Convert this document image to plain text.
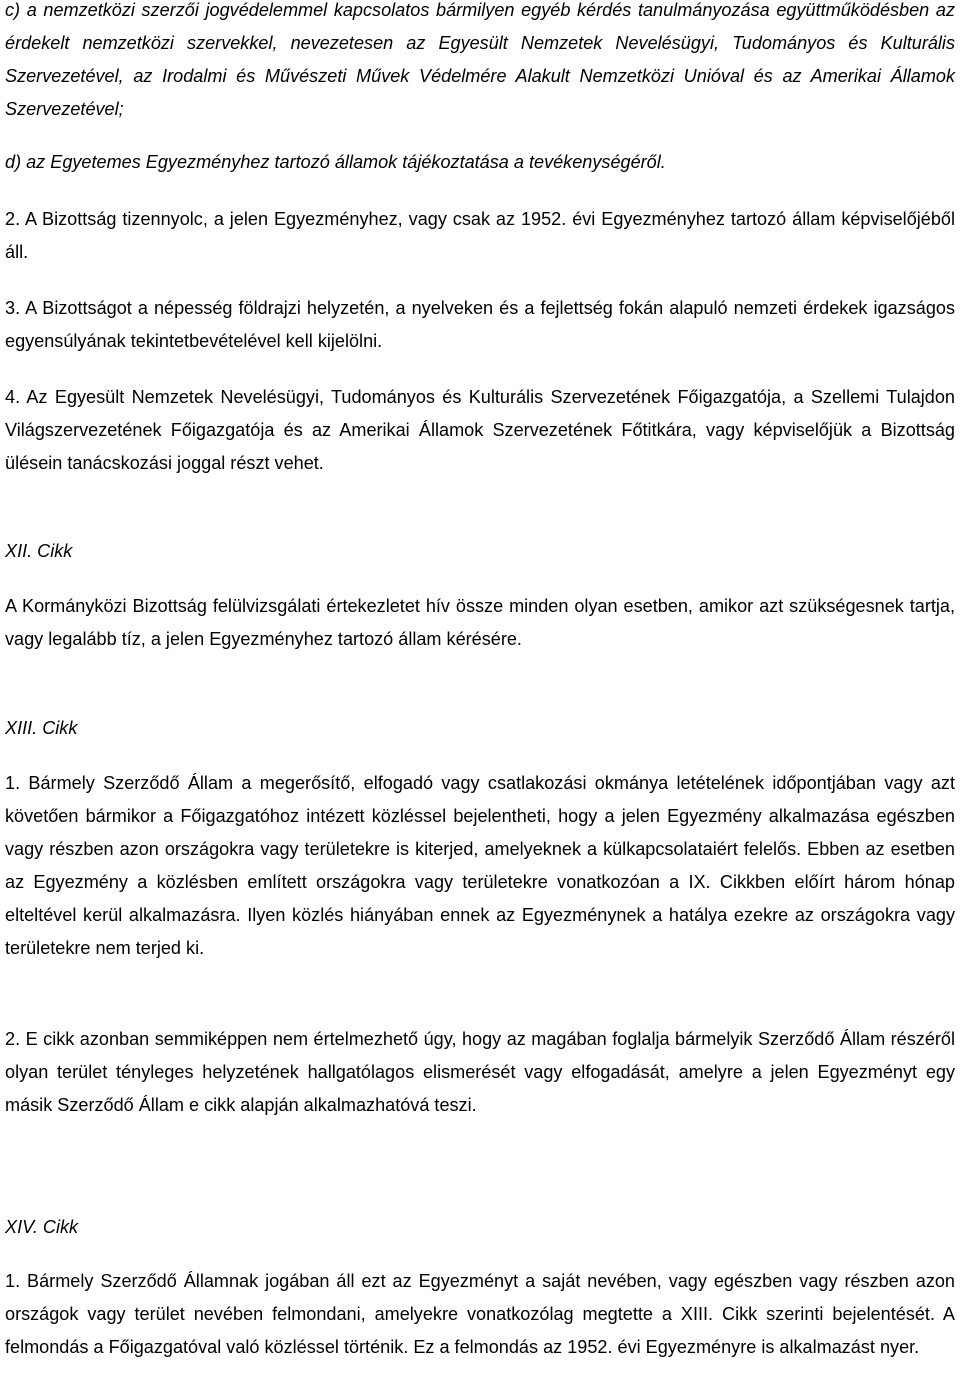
c) a nemzetközi szerzői jogvédelemmel kapcsolatos bármilyen egyéb kérdés tanulmányozása együttműködésben az érdekelt nemzetközi szervekkel, nevezetesen az Egyesült Nemzetek Nevelésügyi, Tudományos és Kulturális Szervezetével, az Irodalmi és Művészeti Művek Védelmére Alakult Nemzetközi Unióval és az Amerikai Államok Szervezetével;

d) az Egyetemes Egyezményhez tartozó államok tájékoztatása a tevékenységéről.

2. A Bizottság tizennyolc, a jelen Egyezményhez, vagy csak az 1952. évi Egyezményhez tartozó állam képviselőjéből áll.

3. A Bizottságot a népesség földrajzi helyzetén, a nyelveken és a fejlettség fokán alapuló nemzeti érdekek igazságos egyensúlyának tekintetbevételével kell kijelölni.

4. Az Egyesült Nemzetek Nevelésügyi, Tudományos és Kulturális Szervezetének Főigazgatója, a Szellemi Tulajdon Világszervezetének Főigazgatója és az Amerikai Államok Szervezetének Főtitkára, vagy képviselőjük a Bizottság ülésein tanácskozási joggal részt vehet.

XII. Cikk

A Kormányközi Bizottság felülvizsgálati értekezletet hív össze minden olyan esetben, amikor azt szükségesnek tartja, vagy legalább tíz, a jelen Egyezményhez tartozó állam kérésére.

XIII. Cikk

1. Bármely Szerződő Állam a megerősítő, elfogadó vagy csatlakozási okmánya letételének időpontjában vagy azt követően bármikor a Főigazgatóhoz intézett közléssel bejelentheti, hogy a jelen Egyezmény alkalmazása egészben vagy részben azon országokra vagy területekre is kiterjed, amelyeknek a külkapcsolataiért felelős. Ebben az esetben az Egyezmény a közlésben említett országokra vagy területekre vonatkozóan a IX. Cikkben előírt három hónap elteltével kerül alkalmazásra. Ilyen közlés hiányában ennek az Egyezménynek a hatálya ezekre az országokra vagy területekre nem terjed ki.

2. E cikk azonban semmiképpen nem értelmezhető úgy, hogy az magában foglalja bármelyik Szerződő Állam részéről olyan terület tényleges helyzetének hallgatólagos elismerését vagy elfogadását, amelyre a jelen Egyezményt egy másik Szerződő Állam e cikk alapján alkalmazhatóvá teszi.

XIV. Cikk

1. Bármely Szerződő Államnak jogában áll ezt az Egyezményt a saját nevében, vagy egészben vagy részben azon országok vagy terület nevében felmondani, amelyekre vonatkozólag megtette a XIII. Cikk szerinti bejelentését. A felmondás a Főigazgatóval való közléssel történik. Ez a felmondás az 1952. évi Egyezményre is alkalmazást nyer.
